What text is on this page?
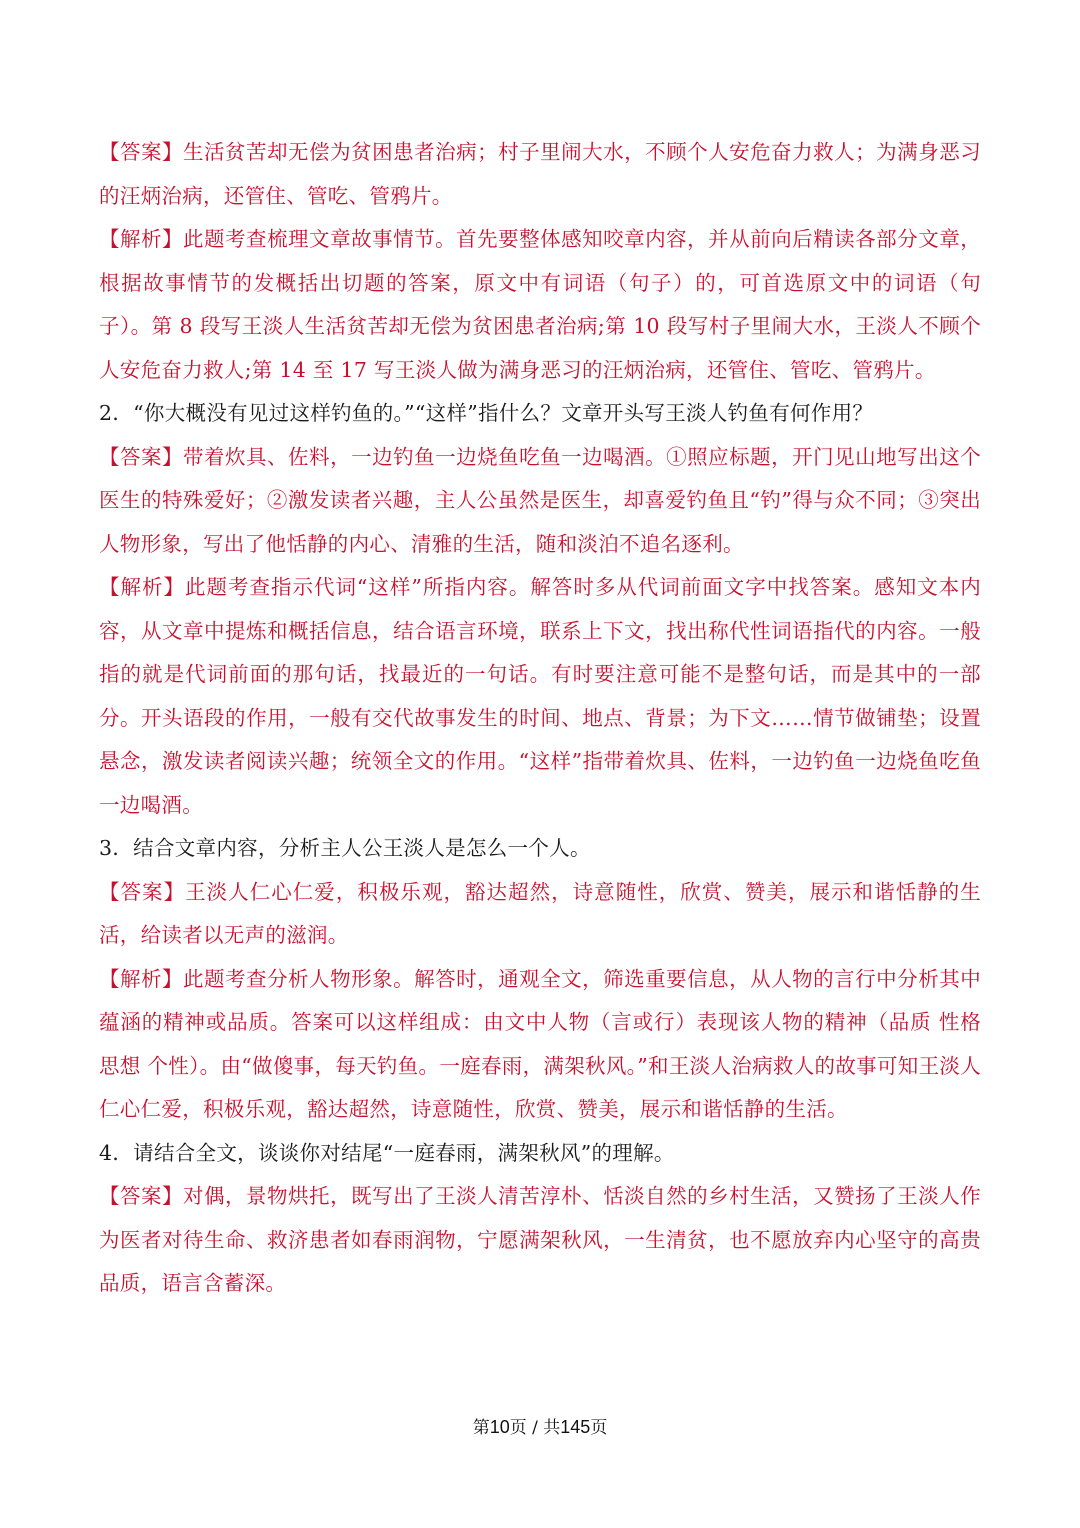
【答案】生活贫苦却无偿为贫困患者治病；村子里闹大水，不顾个人安危奋力救人；为满身恶习的汪炳治病，还管住、管吃、管鸦片。

【解析】此题考查梳理文章故事情节。首先要整体感知咬章内容，并从前向后精读各部分文章，根据故事情节的发概括出切题的答案，原文中有词语（句子）的，可首选原文中的词语（句子）。第 8 段写王淡人生活贫苦却无偿为贫困患者治病;第 10 段写村子里闹大水，王淡人不顾个人安危奋力救人;第 14 至 17 写王淡人做为满身恶习的汪炳治病，还管住、管吃、管鸦片。

2．“你大概没有见过这样钓鱼的。”“这样”指什么？文章开头写王淡人钓鱼有何作用？

【答案】带着炊具、佐料，一边钓鱼一边烧鱼吃鱼一边喝酒。①照应标题，开门见山地写出这个医生的特殊爱好；②激发读者兴趣，主人公虽然是医生，却喜爱钓鱼且“钓”得与众不同；③突出人物形象，写出了他恬静的内心、清雅的生活，随和淡泊不追名逐利。

【解析】此题考查指示代词“这样”所指内容。解答时多从代词前面文字中找答案。感知文本内容，从文章中提炼和概括信息，结合语言环境，联系上下文，找出称代性词语指代的内容。一般指的就是代词前面的那句话，找最近的一句话。有时要注意可能不是整句话，而是其中的一部分。开头语段的作用，一般有交代故事发生的时间、地点、背景；为下文……情节做铺垫；设置悬念，激发读者阅读兴趣；统领全文的作用。“这样”指带着炊具、佐料，一边钓鱼一边烧鱼吃鱼一边喝酒。

3．结合文章内容，分析主人公王淡人是怎么一个人。

【答案】王淡人仁心仁爱，积极乐观，豁达超然，诗意随性，欣赏、赞美，展示和谐恬静的生活，给读者以无声的滋润。

【解析】此题考查分析人物形象。解答时，通观全文，筛选重要信息，从人物的言行中分析其中蕴涵的精神或品质。答案可以这样组成：由文中人物（言或行）表现该人物的精神（品质 性格 思想 个性）。由“做傻事，每天钓鱼。一庭春雨，满架秋风。”和王淡人治病救人的故事可知王淡人仁心仁爱，积极乐观，豁达超然，诗意随性，欣赏、赞美，展示和谐恬静的生活。

4．请结合全文，谈谈你对结尾“一庭春雨，满架秋风”的理解。

【答案】对偶，景物烘托，既写出了王淡人清苦淳朴、恬淡自然的乡村生活，又赞扬了王淡人作为医者对待生命、救济患者如春雨润物，宁愿满架秋风，一生清贫，也不愿放弃内心坚守的高贵品质，语言含蓄深。

第10页 / 共145页
